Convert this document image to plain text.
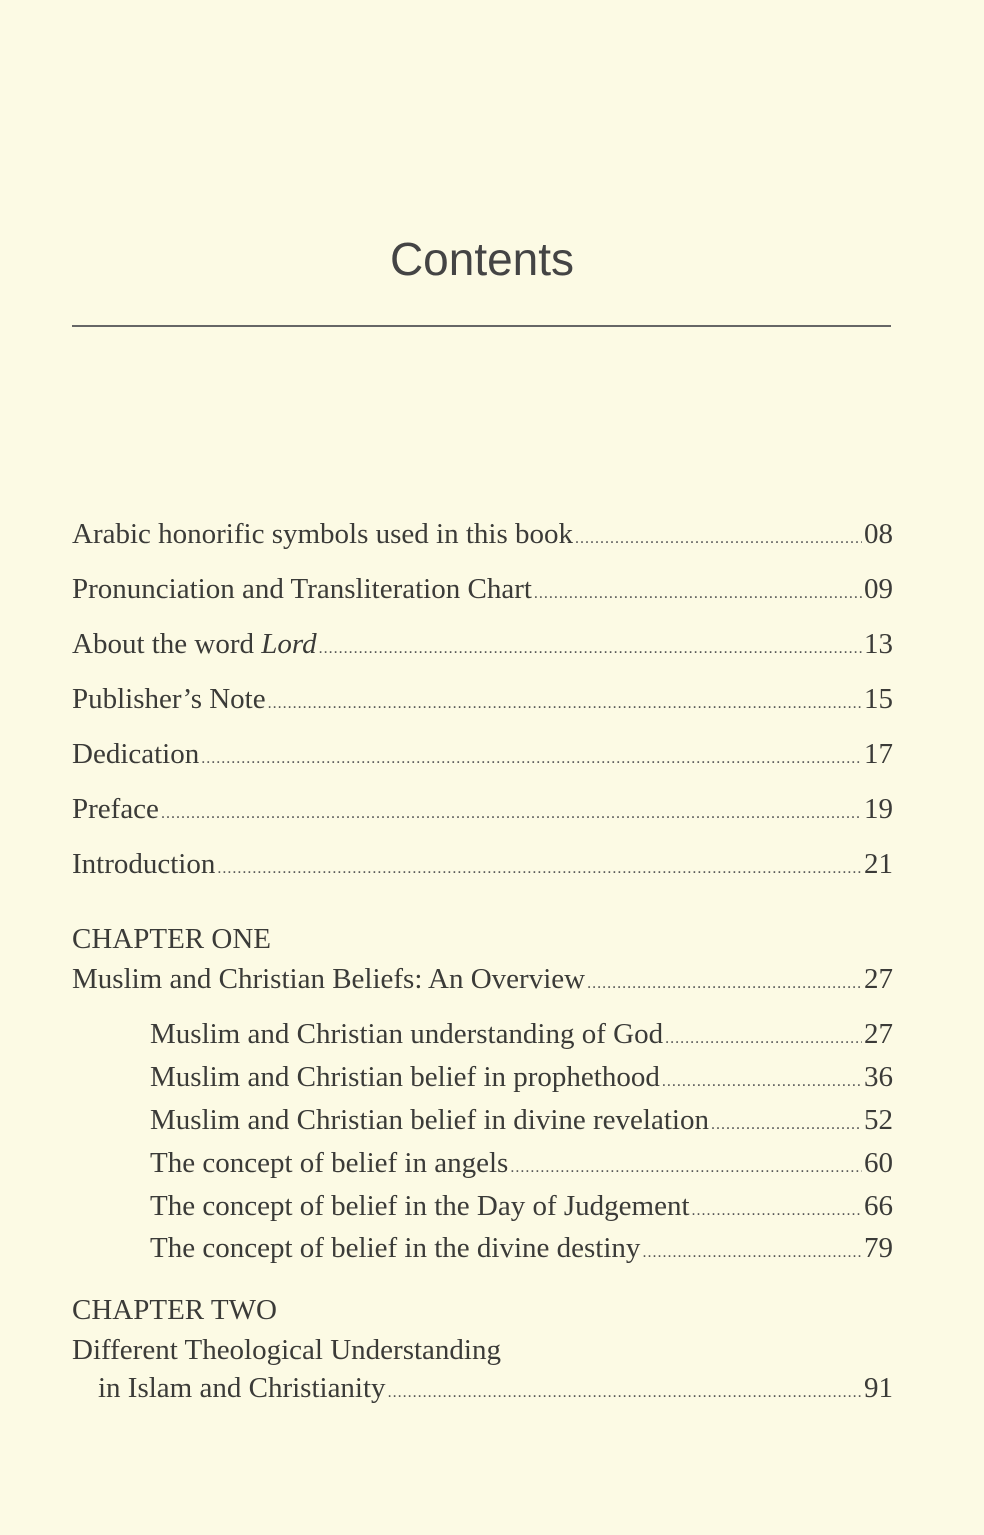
Contents
Arabic honorific symbols used in this book .....	08
Pronunciation and Transliteration Chart .....	09
About the word Lord .....	13
Publisher’s Note .....	15
Dedication .....	17
Preface .....	19
Introduction .....	21
CHAPTER ONE
Muslim and Christian Beliefs: An Overview .....	27
Muslim and Christian understanding of God .....	27
Muslim and Christian belief in prophethood .....	36
Muslim and Christian belief in divine revelation .....	52
The concept of belief in angels .....	60
The concept of belief in the Day of Judgement .....	66
The concept of belief in the divine destiny .....	79
CHAPTER TWO
Different Theological Understanding
in Islam and Christianity .....	91
